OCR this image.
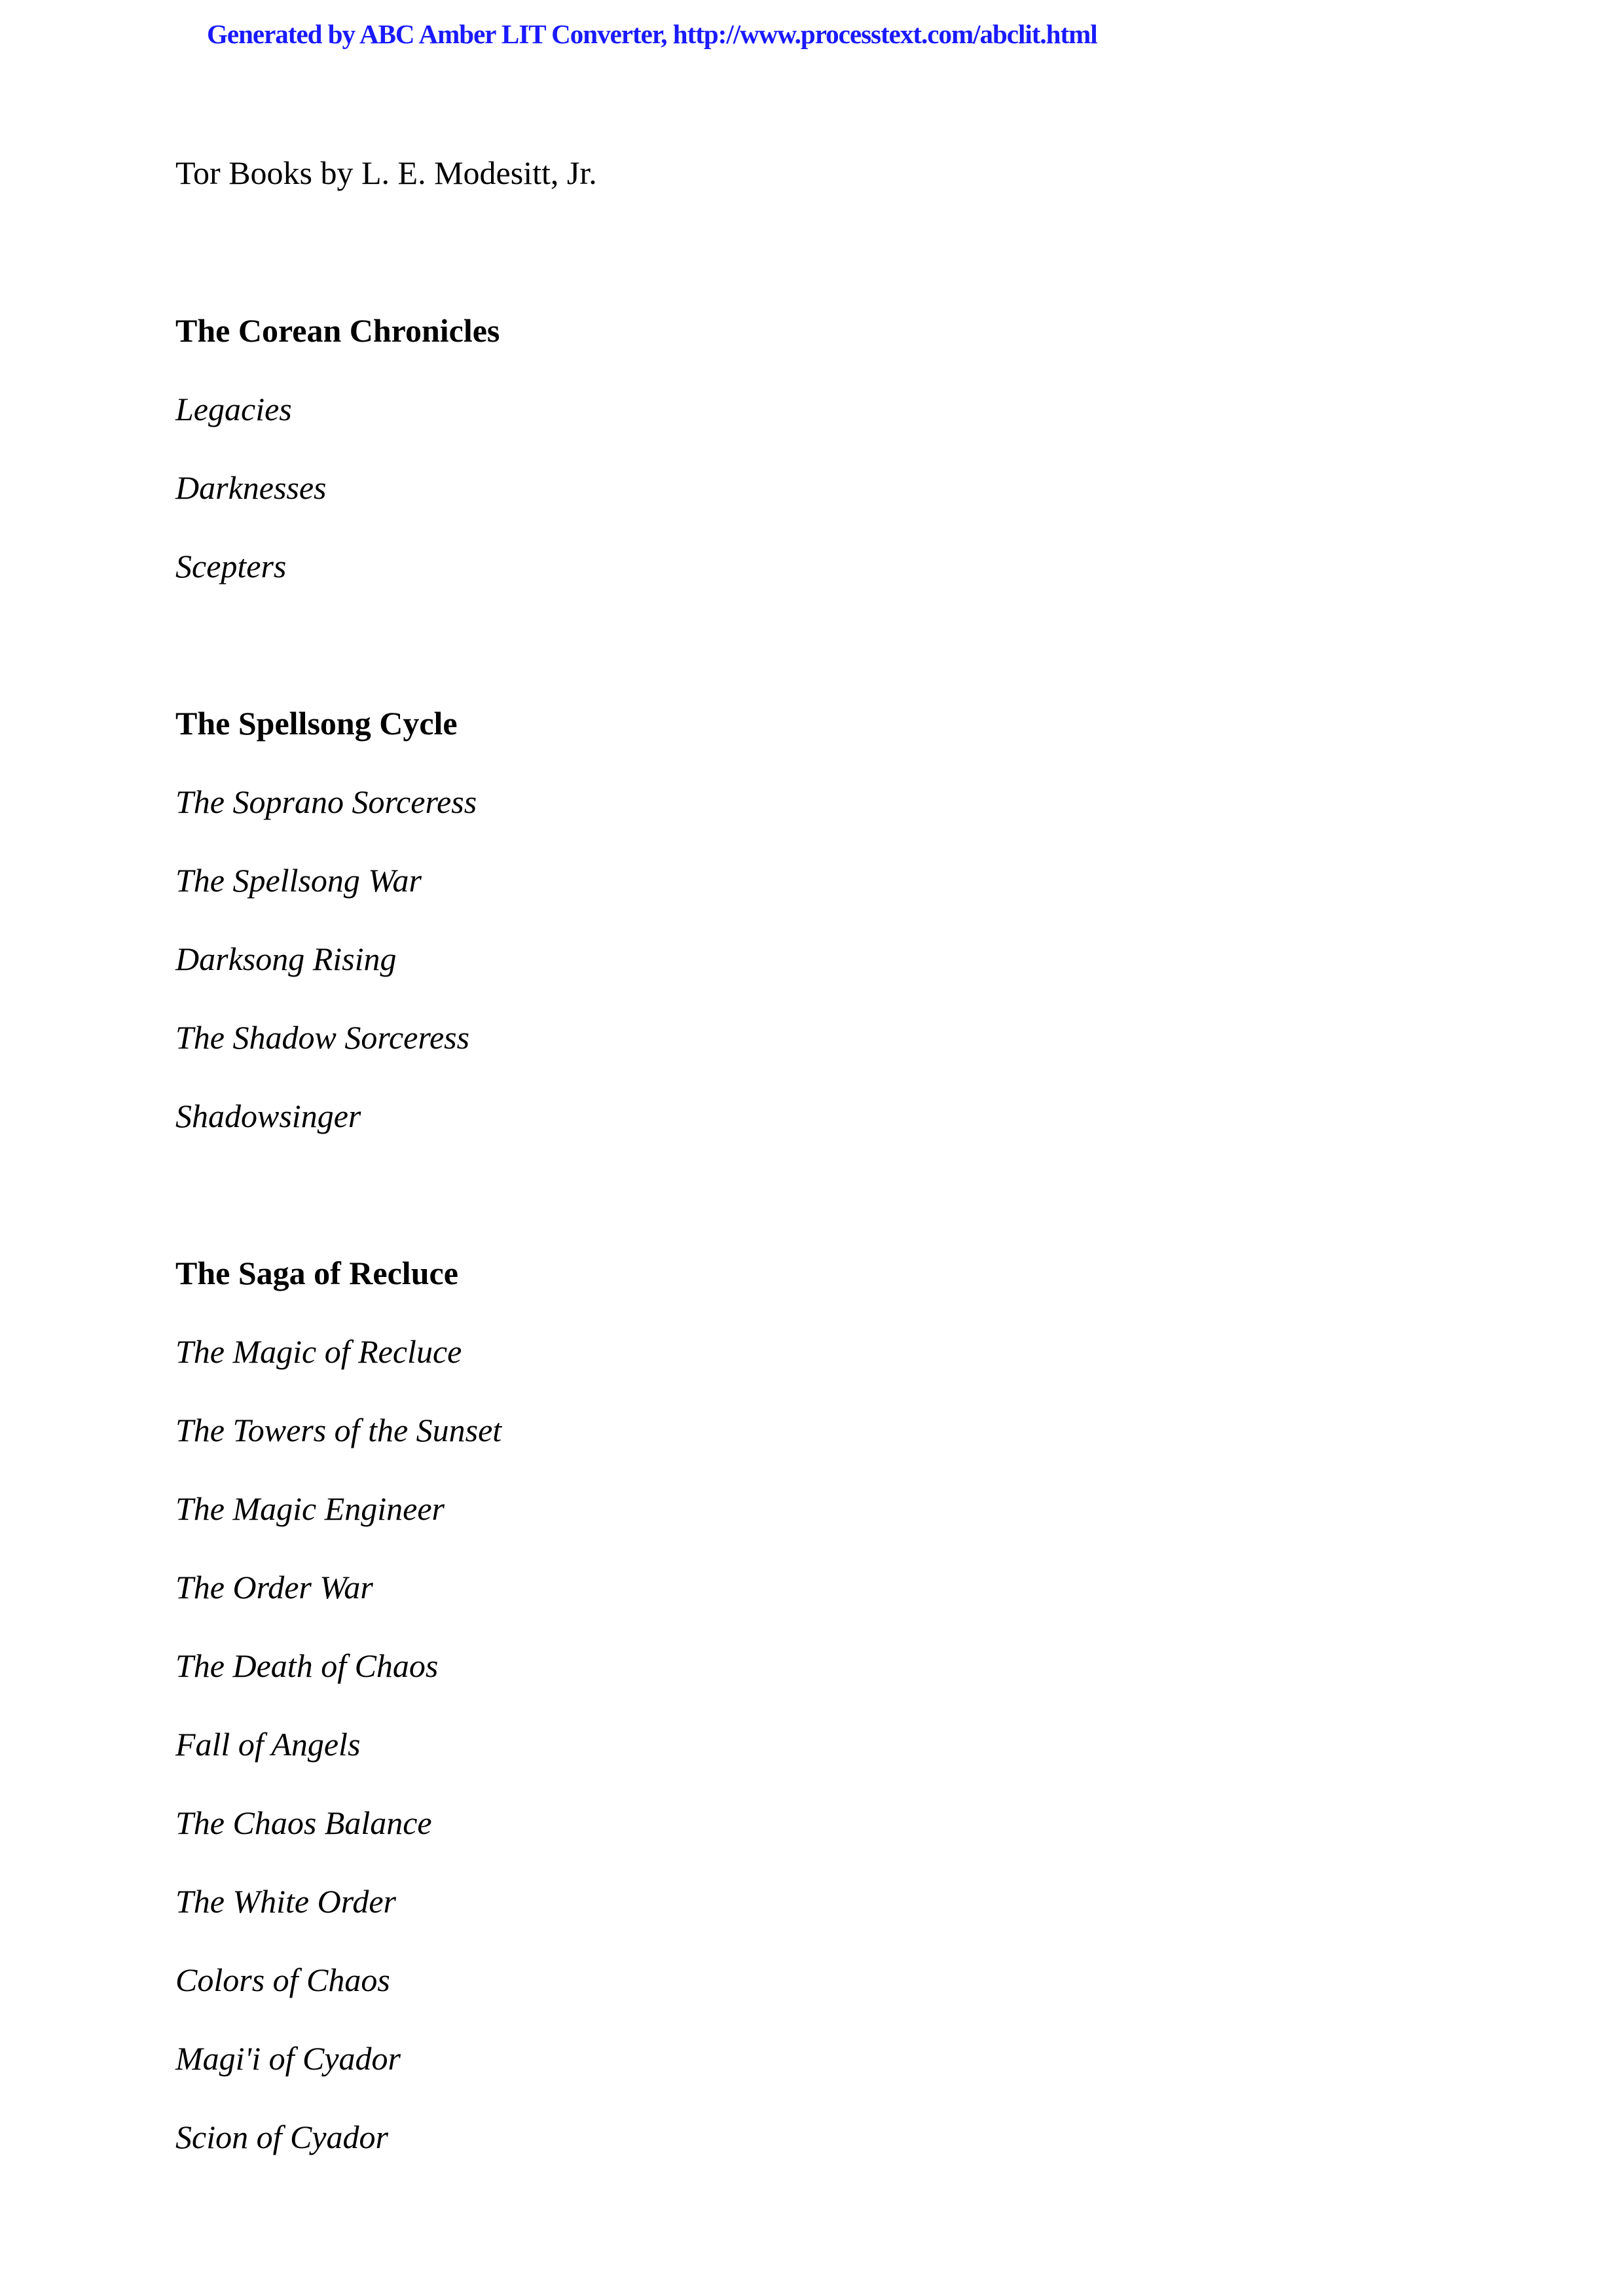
Generated by ABC Amber LIT Converter, http://www.processtext.com/abclit.html
Tor Books by L. E. Modesitt, Jr.
The Corean Chronicles
Legacies
Darknesses
Scepters
The Spellsong Cycle
The Soprano Sorceress
The Spellsong War
Darksong Rising
The Shadow Sorceress
Shadowsinger
The Saga of Recluce
The Magic of Recluce
The Towers of the Sunset
The Magic Engineer
The Order War
The Death of Chaos
Fall of Angels
The Chaos Balance
The White Order
Colors of Chaos
Magi'i of Cyador
Scion of Cyador
